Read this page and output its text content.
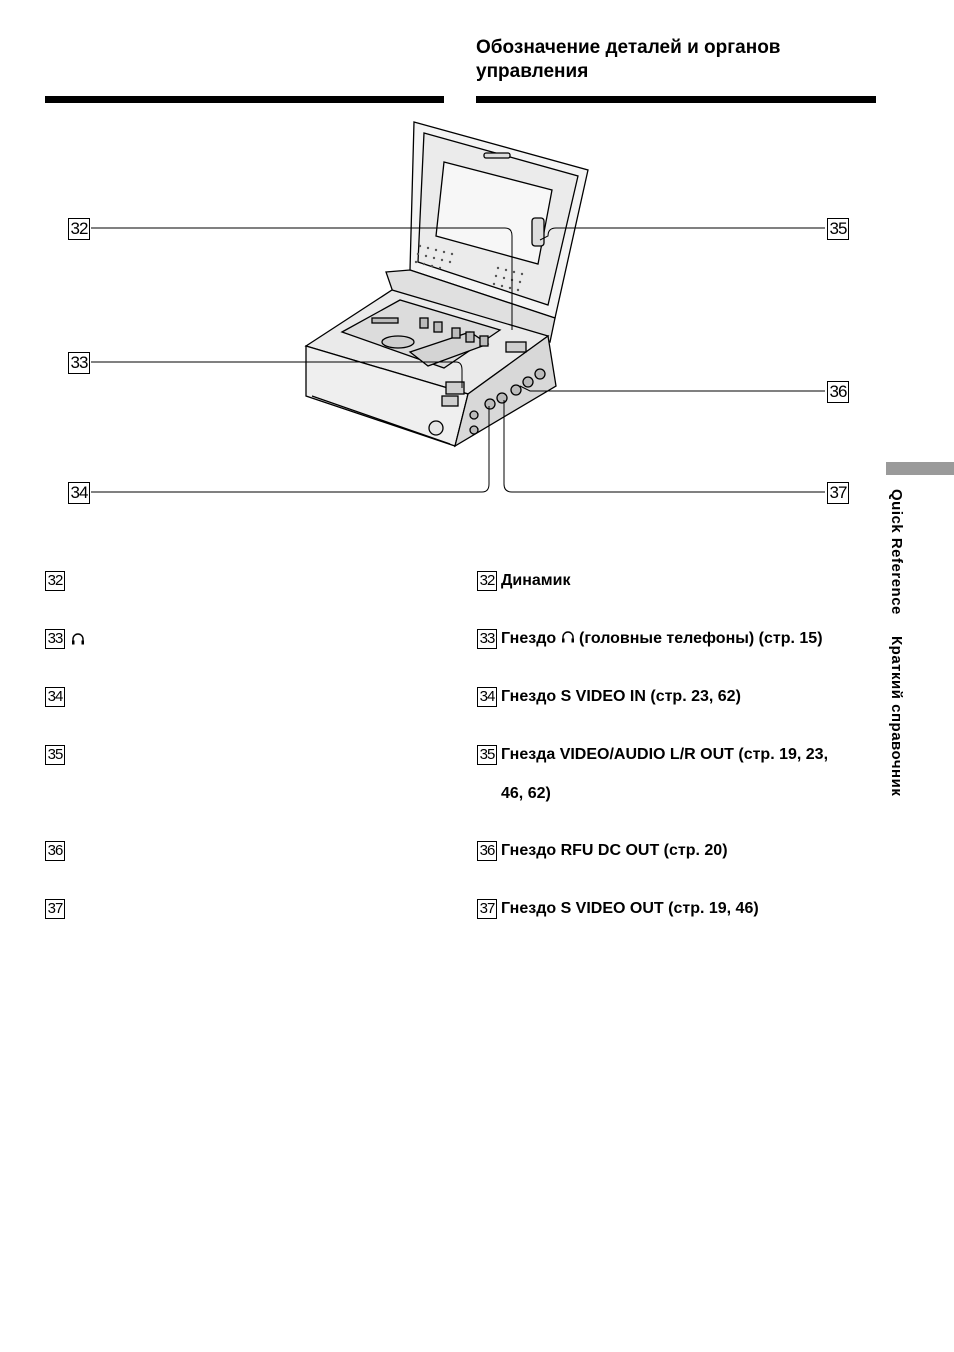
Обозначение деталей и органов
управления
32
33
34
35
36
37
32
33
34
35
36
37
32 Динамик
33 Гнездо (головные телефоны) (стр. 15)
34 Гнездо S VIDEO IN (стр. 23, 62)
35 Гнезда VIDEO/AUDIO L/R OUT (стр. 19, 23,
46, 62)
36 Гнездо RFU DC OUT (стр. 20)
37 Гнездо S VIDEO OUT (стр. 19, 46)
Quick Reference Краткий справочник
